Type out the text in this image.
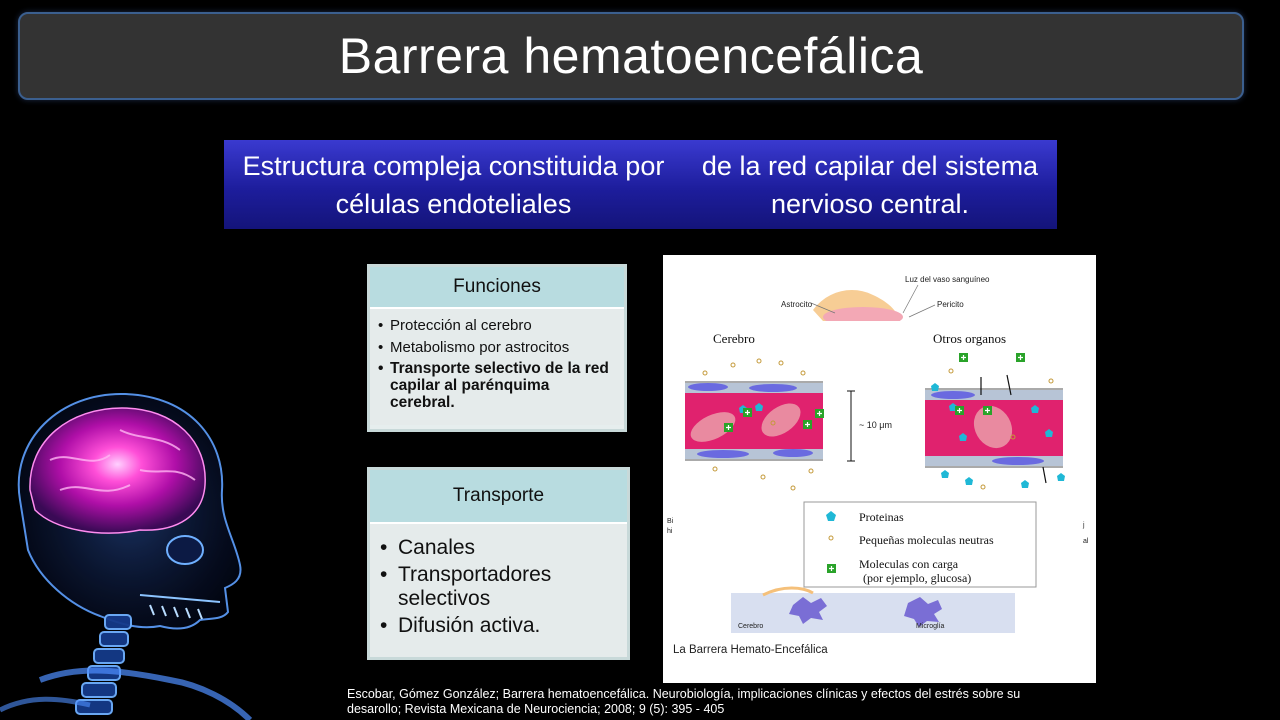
Barrera hematoencefálica
Estructura compleja constituida por células endoteliales
de la red capilar del sistema nervioso central.
Funciones
• Protección al cerebro
• Metabolismo por astrocitos
• Transporte selectivo de la red capilar al parénquima cerebral.
Transporte
• Canales
• Transportadores selectivos
• Difusión activa.
Luz del vaso sanguíneo
Astrocito	Pericito
Cerebro	Otros organos
~ 10 μm
Bi
hi
j
al
Proteinas
Pequeñas moleculas neutras
Moleculas con carga
(por ejemplo, glucosa)
Cerebro	Microglía
La Barrera Hemato-Encefálica
Escobar, Gómez González; Barrera hematoencefálica. Neurobiología, implicaciones clínicas y efectos del estrés sobre su
desarollo; Revista Mexicana de Neurociencia; 2008; 9 (5): 395 - 405
